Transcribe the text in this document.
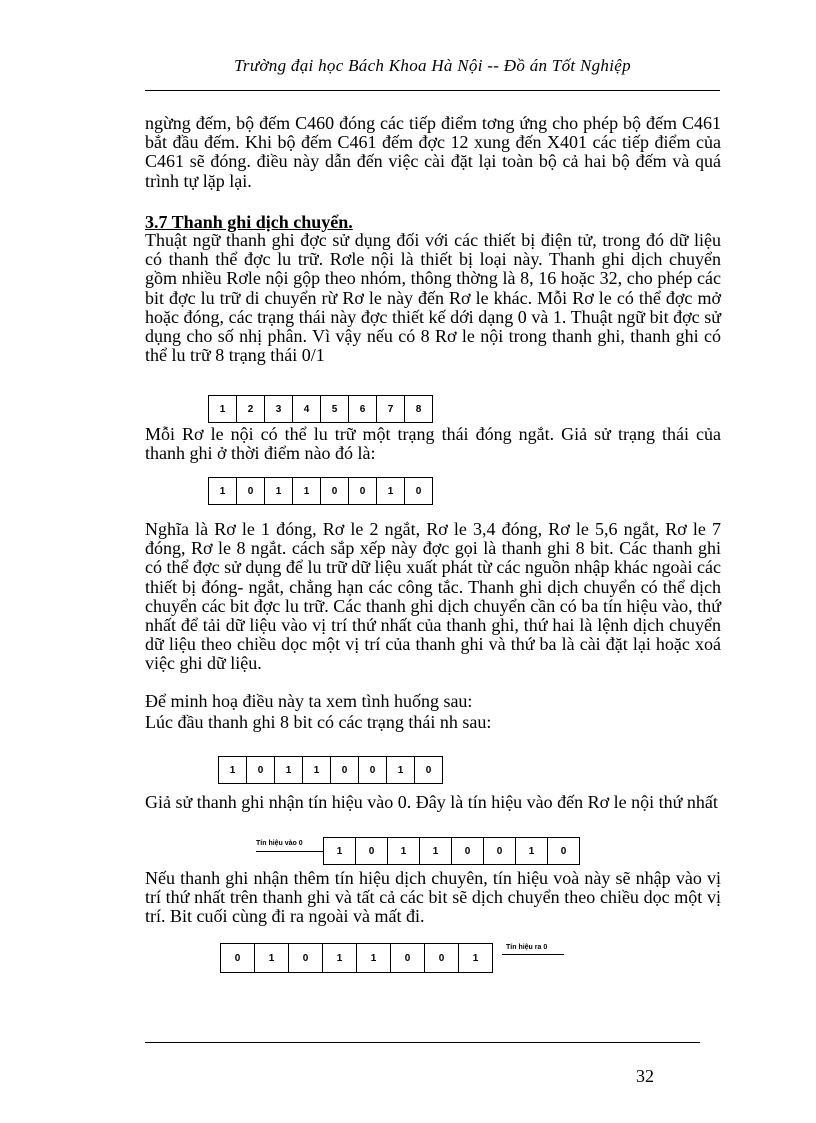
Trường đại học Bách Khoa Hà Nội -- Đồ án Tốt Nghiệp

ngừng đếm, bộ đếm C460 đóng các tiếp điểm tơng ứng cho phép bộ đếm C461 bắt đầu đếm. Khi bộ đếm C461 đếm đợc 12 xung đến X401 các tiếp điểm của C461 sẽ đóng. điều này dẫn đến việc cài đặt lại toàn bộ cả hai bộ đếm và quá trình tự lặp lại.

3.7 Thanh ghi dịch chuyển.

Thuật ngữ thanh ghi đợc sử dụng đối với các thiết bị điện tử, trong đó dữ liệu có thanh thể đợc lu trữ. Rơle nội là thiết bị loại này. Thanh ghi dịch chuyển gồm nhiều Rơle nội gộp theo nhóm, thông thờng là 8, 16 hoặc 32, cho phép các bit đợc lu trữ di chuyển rừ Rơ le này đến Rơ le khác. Mỗi Rơ le có thể đợc mở hoặc đóng, các trạng thái này đợc thiết kế dới dạng 0 và 1. Thuật ngữ bit đợc sử dụng cho số nhị phân. Vì vậy nếu có 8 Rơ le nội trong thanh ghi, thanh ghi có thể lu trữ 8 trạng thái 0/1

1	2	3	4	5	6	7	8

Mỗi Rơ le nội có thể lu trữ một trạng thái đóng ngắt. Giả sử trạng thái của thanh ghi ở thời điểm nào đó là:

1	0	1	1	0	0	1	0

Nghĩa là Rơ le 1 đóng, Rơ le 2 ngắt, Rơ le 3,4 đóng, Rơ le 5,6 ngắt, Rơ le 7 đóng, Rơ le 8 ngắt. cách sắp xếp này đợc gọi là thanh ghi 8 bit. Các thanh ghi có thể đợc sử dụng để lu trữ dữ liệu xuất phát từ các nguồn nhập khác ngoài các thiết bị đóng- ngắt, chẳng hạn các công tắc. Thanh ghi dịch chuyển có thể dịch chuyển các bit đợc lu trữ. Các thanh ghi dịch chuyển cần có ba tín hiệu vào, thứ nhất để tải dữ liệu vào vị trí thứ nhất của thanh ghi, thứ hai là lệnh dịch chuyển dữ liệu theo chiều dọc một vị trí của thanh ghi và thứ ba là cài đặt lại hoặc xoá việc ghi dữ liệu.

Để minh hoạ điều này ta xem tình huống sau:

Lúc đầu thanh ghi 8 bit có các trạng thái nh sau:

1	0	1	1	0	0	1	0

Giả sử thanh ghi nhận tín hiệu vào 0. Đây là tín hiệu vào đến Rơ le nội thứ nhất

Tín hiệu vào 0
1	0	1	1	0	0	1	0

Nếu thanh ghi nhận thêm tín hiệu dịch chuyên, tín hiệu voà này sẽ nhập vào vị trí thứ nhất trên thanh ghi và tất cả các bit sẽ dịch chuyển theo chiều dọc một vị trí. Bit cuối cùng đi ra ngoài và mất đi.

0	1	0	1	1	0	0	1
Tín hiệu ra 0
32
